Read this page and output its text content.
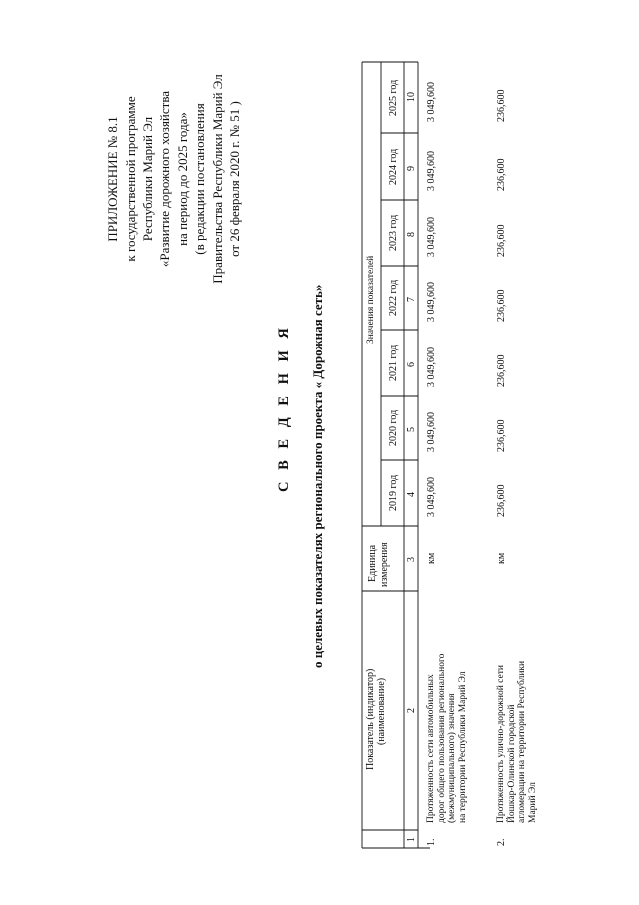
ПРИЛОЖЕНИЕ № 8.1 к государственной программе Республики Марий Эл «Развитие дорожного хозяйства на период до 2025 года» (в редакции постановления Правительства Республики Марий Эл от 26 февраля 2020 г. № 51 )
С В Е Д Е Н И Я о целевых показателях регионального проекта « Дорожная сеть»
Показатель (индикатор) (наименование)
Единица измерения
Значения показателей
2019 год
2020 год
2021 год
2022 год
2023 год
2024 год
2025 год
1
2
3
4
5
6
7
8
9
10
1.
Протяженность сети автомобильных дорог общего пользования регионального (межмуниципального) значения на территории Республики Марий Эл
км
3 049,600
3 049,600
3 049,600
3 049,600
3 049,600
3 049,600
3 049,600
2.
Протяженность улично-дорожной сети Йошкар-Олинской городской агломерации на территории Республики Марий Эл
км
236,600
236,600
236,600
236,600
236,600
236,600
236,600
